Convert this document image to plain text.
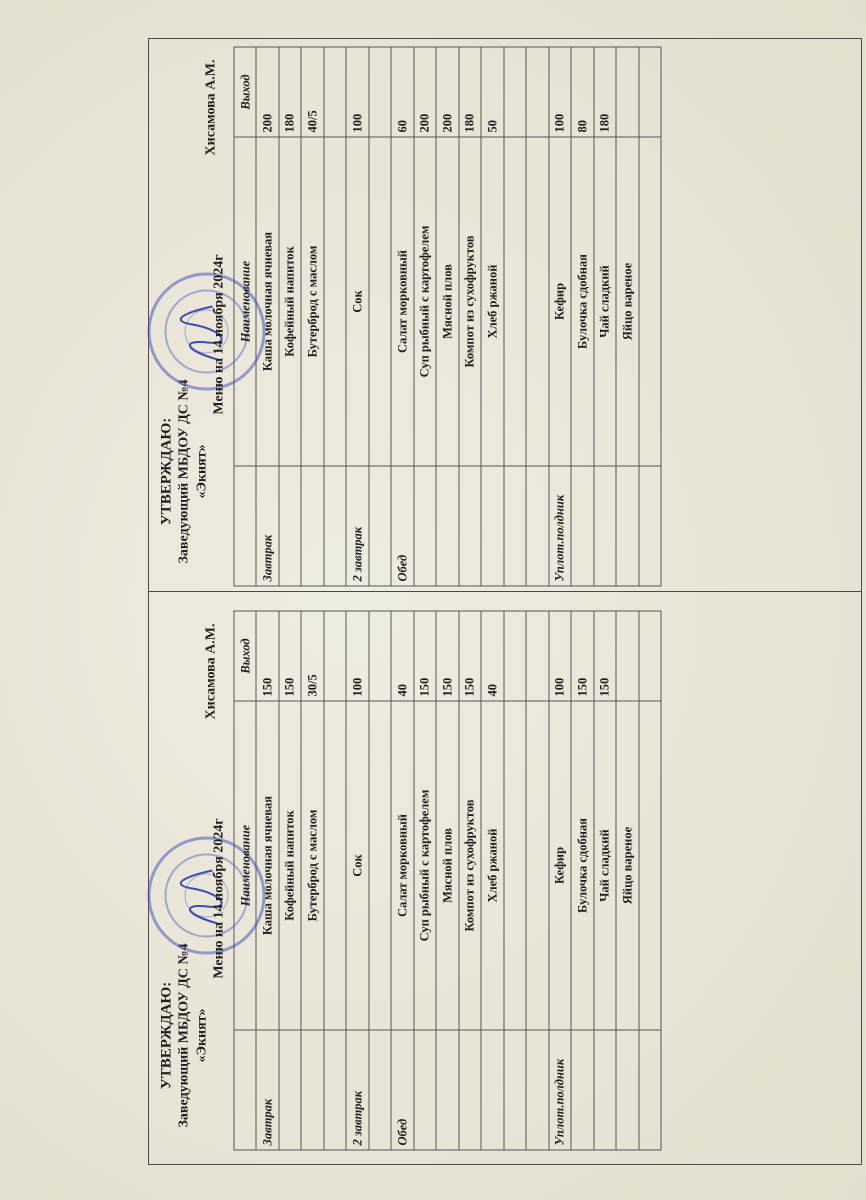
УТВЕРЖДАЮ: Заведующий МБДОУ ДС №4 «Экият»
Хисамова А.М.
Меню на 14 ноября 2024г
	Наименование	Выход
Завтрак	Каша молочная ячневая	150
	Кофейный напиток	150
	Бутерброд с маслом	30/5

2 завтрак	Сок	100

Обед	Салат морковный	40
	Суп рыбный с картофелем	150
	Мясной плов	150
	Компот из сухофруктов	150
	Хлеб ржаной	40

Уплот.полдник	Кефир	100
	Булочка сдобная	150
	Чай сладкий	150
	Яйцо вареное	

УТВЕРЖДАЮ: Заведующий МБДОУ ДС №4 «Экият»
Хисамова А.М.
Меню на 14 ноября 2024г
	Наименование	Выход
Завтрак	Каша молочная ячневая	200
	Кофейный напиток	180
	Бутерброд с маслом	40/5

2 завтрак	Сок	100

Обед	Салат морковный	60
	Суп рыбный с картофелем	200
	Мясной плов	200
	Компот из сухофруктов	180
	Хлеб ржаной	50

Уплот.полдник	Кефир	100
	Булочка сдобная	80
	Чай сладкий	180
	Яйцо вареное	
